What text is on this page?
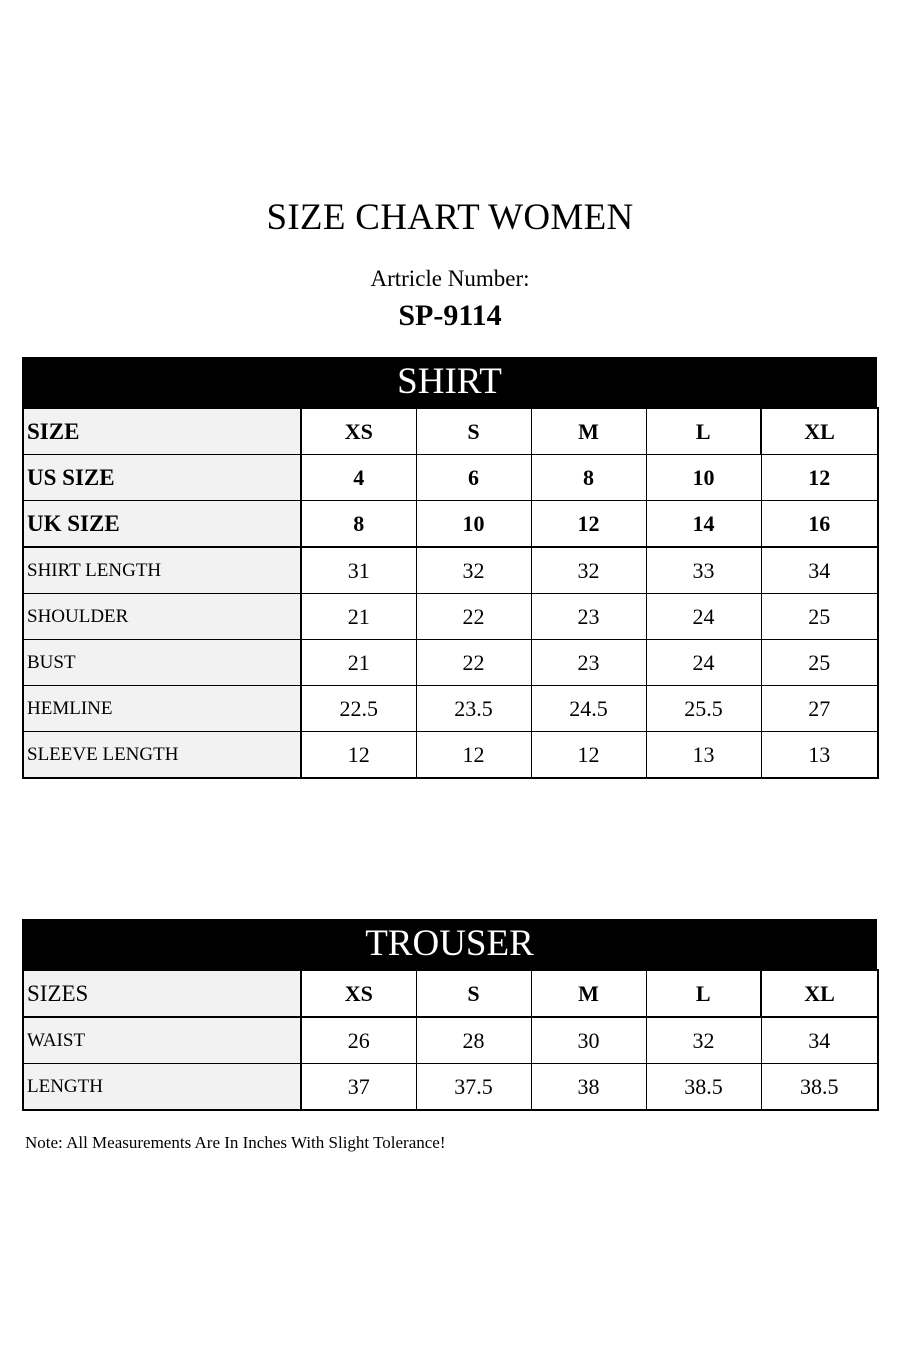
SIZE CHART WOMEN
Artricle Number:
SP-9114
SHIRT
SIZE	XS	S	M	L	XL
US SIZE	4	6	8	10	12
UK SIZE	8	10	12	14	16
SHIRT LENGTH	31	32	32	33	34
SHOULDER	21	22	23	24	25
BUST	21	22	23	24	25
HEMLINE	22.5	23.5	24.5	25.5	27
SLEEVE LENGTH	12	12	12	13	13
TROUSER
SIZES	XS	S	M	L	XL
WAIST	26	28	30	32	34
LENGTH	37	37.5	38	38.5	38.5
Note: All Measurements Are In Inches With Slight Tolerance!
